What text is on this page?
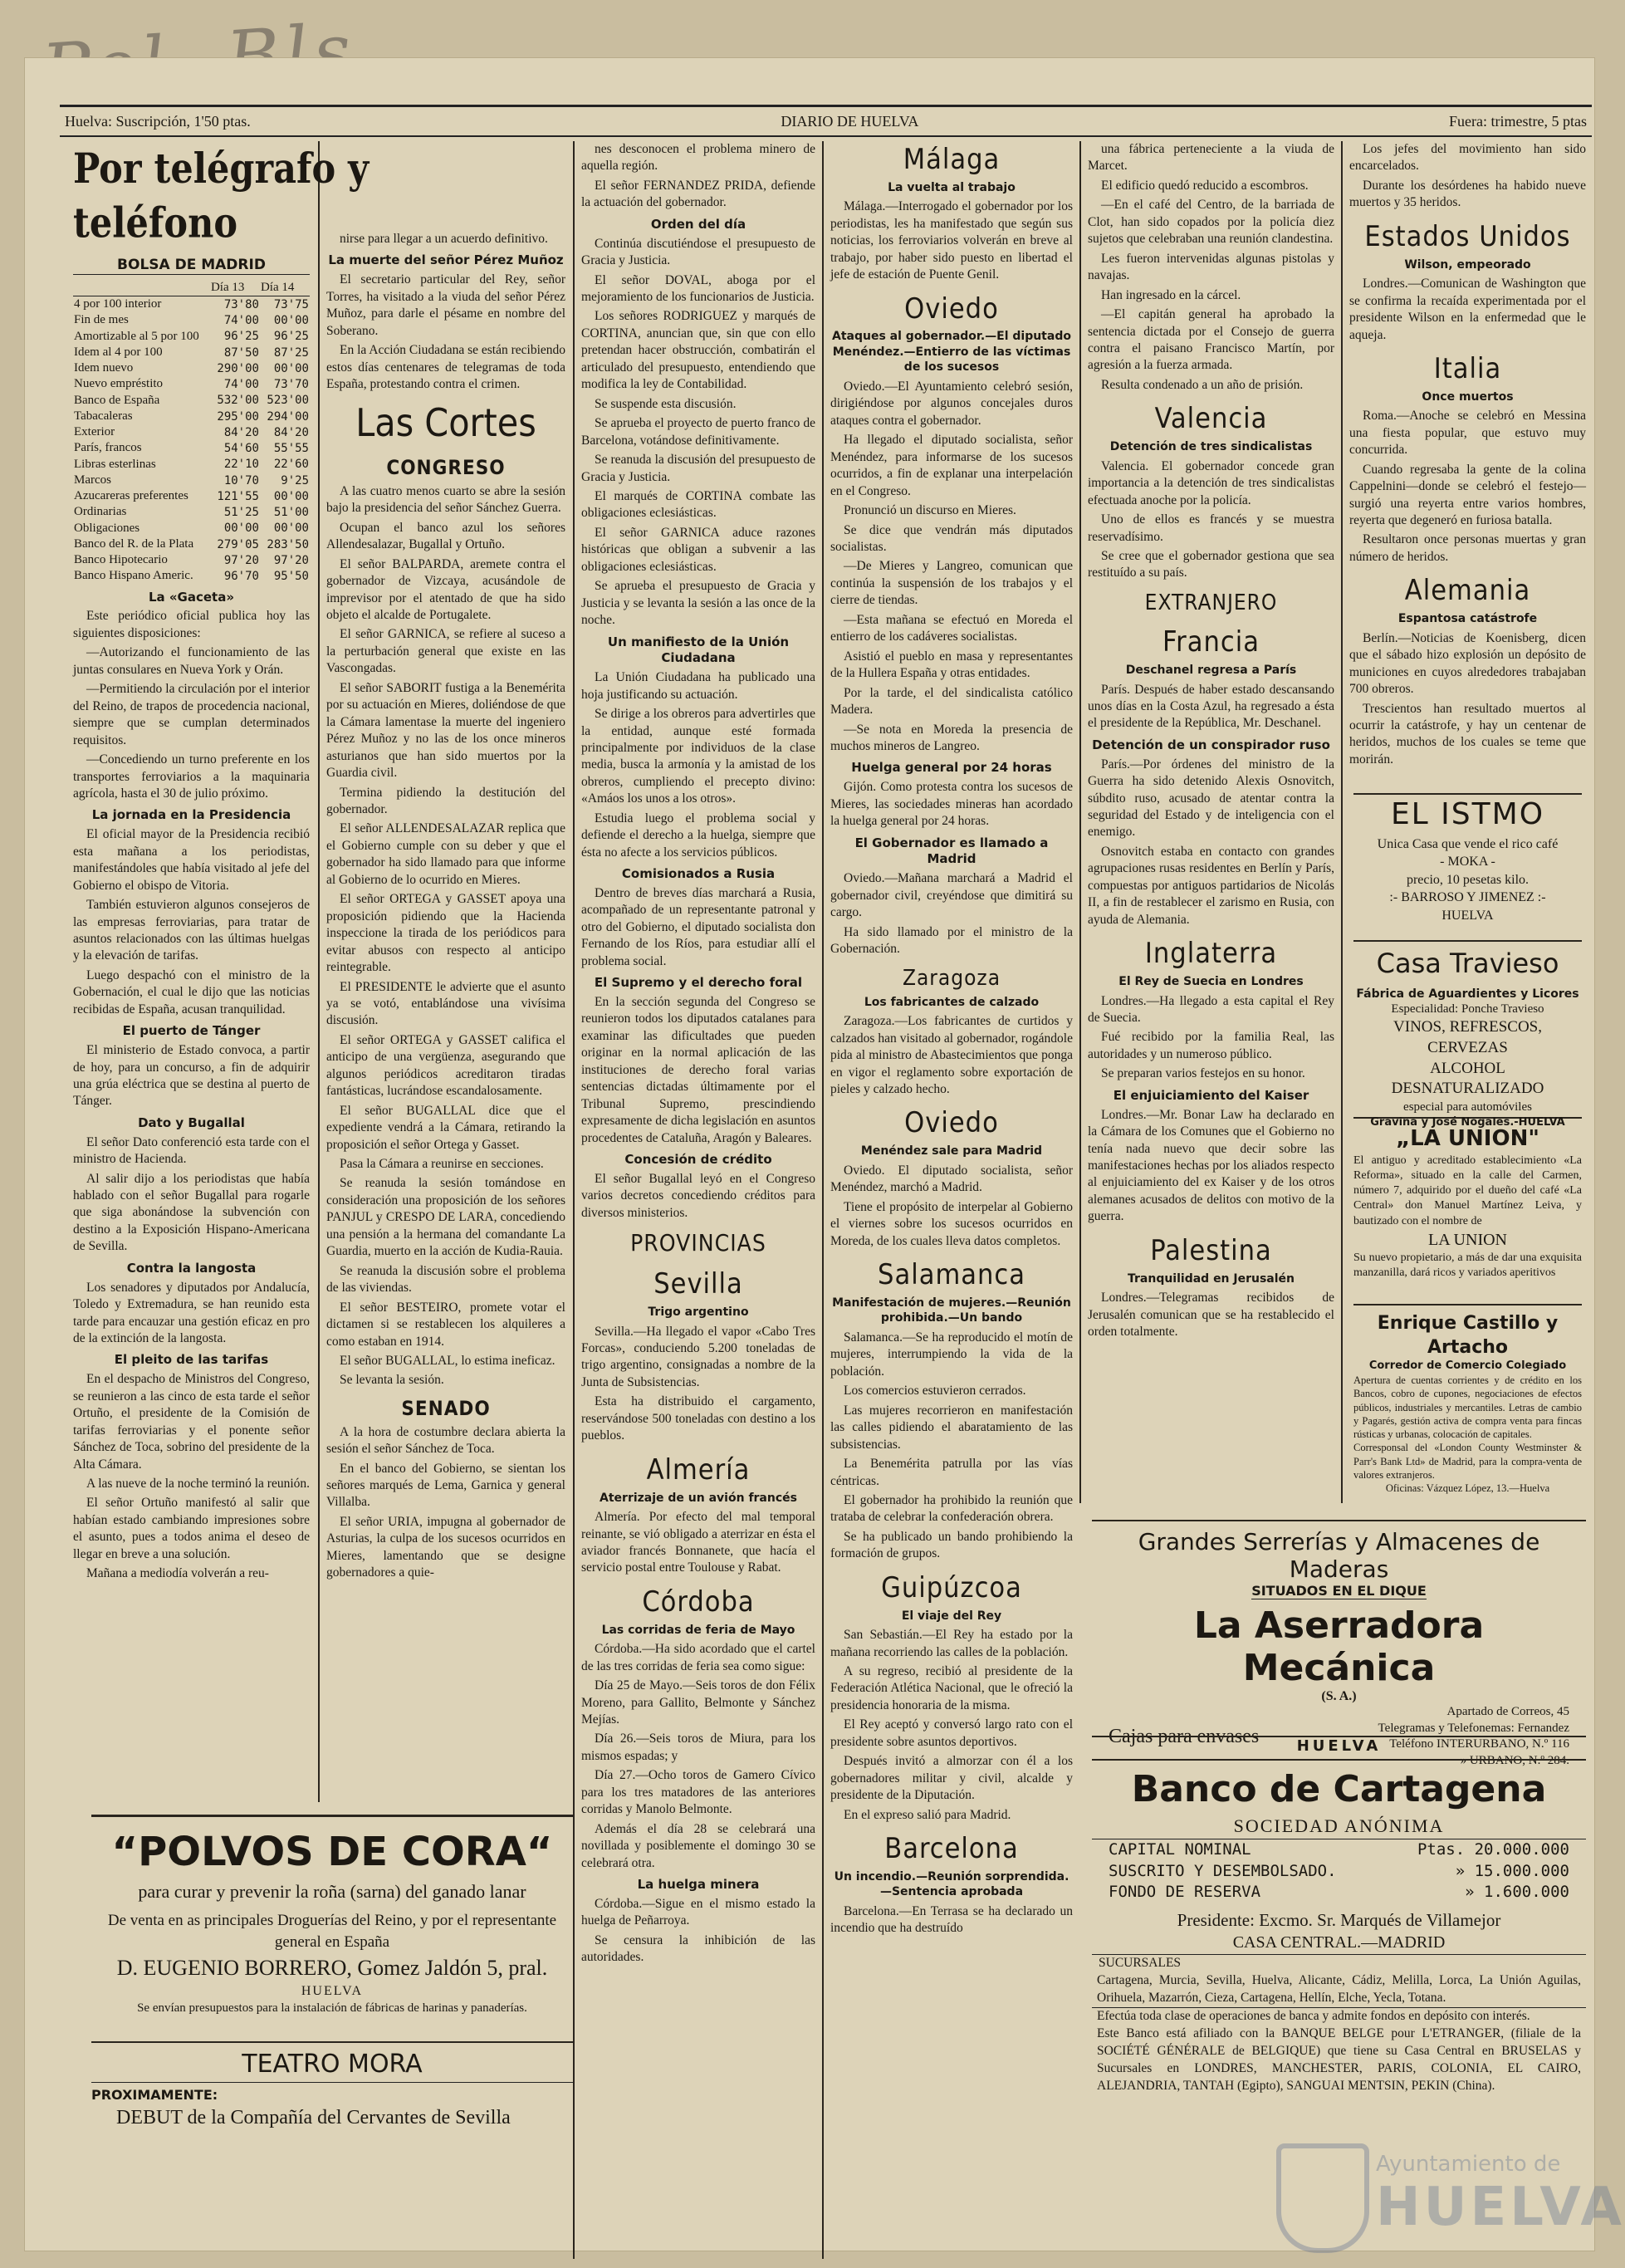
Huelva: Suscripción, 1'50 ptas.	DIARIO DE HUELVA	Fuera: trimestre, 5 ptas
Por telégrafo y teléfono
BOLSA DE MADRID
	Día 13	Día 14
4 por 100 interior	73'80	73'75
Fin de mes	74'00	00'00
Amortizable al 5 por 100	96'25	96'25
Idem al 4 por 100	87'50	87'25
Idem nuevo	290'00	00'00
Nuevo empréstito	74'00	73'70
Banco de España	532'00	523'00
Tabacaleras	295'00	294'00
Exterior	84'20	84'20
París, francos	54'60	55'55
Libras esterlinas	22'10	22'60
Marcos	10'70	9'25
Azucareras preferentes	121'55	00'00
Ordinarias	51'25	51'00
Obligaciones	00'00	00'00
Banco del R. de la Plata	279'05	283'50
Banco Hipotecario	97'20	97'20
Banco Hispano Americ.	96'70	95'50
La «Gaceta»

Este periódico oficial publica hoy las siguientes disposiciones:

—Autorizando el funcionamiento de las juntas consulares en Nueva York y Orán.

—Permitiendo la circulación por el interior del Reino, de trapos de procedencia nacional, siempre que se cumplan determinados requisitos.

—Concediendo un turno preferente en los transportes ferroviarios a la maquinaria agrícola, hasta el 30 de julio próximo.

La jornada en la Presidencia

El oficial mayor de la Presidencia recibió esta mañana a los periodistas, manifestándoles que había visitado al jefe del Gobierno el obispo de Vitoria.

También estuvieron algunos consejeros de las empresas ferroviarias, para tratar de asuntos relacionados con las últimas huelgas y la elevación de tarifas.

Luego despachó con el ministro de la Gobernación, el cual le dijo que las noticias recibidas de España, acusan tranquilidad.

El puerto de Tánger

El ministerio de Estado convoca, a partir de hoy, para un concurso, a fin de adquirir una grúa eléctrica que se destina al puerto de Tánger.

Dato y Bugallal

El señor Dato conferenció esta tarde con el ministro de Hacienda.

Al salir dijo a los periodistas que había hablado con el señor Bugallal para rogarle que siga abonándose la subvención con destino a la Exposición Hispano-Americana de Sevilla.

Contra la langosta

Los senadores y diputados por Andalucía, Toledo y Extremadura, se han reunido esta tarde para encauzar una gestión eficaz en pro de la extinción de la langosta.

El pleito de las tarifas

En el despacho de Ministros del Congreso, se reunieron a las cinco de esta tarde el señor Ortuño, el presidente de la Comisión de tarifas ferroviarias y el ponente señor Sánchez de Toca, sobrino del presidente de la Alta Cámara.

A las nueve de la noche terminó la reunión.

El señor Ortuño manifestó al salir que habían estado cambiando impresiones sobre el asunto, pues a todos anima el deseo de llegar en breve a una solución.

Mañana a mediodía volverán a reu-

nirse para llegar a un acuerdo definitivo.

La muerte del señor Pérez Muñoz

El secretario particular del Rey, señor Torres, ha visitado a la viuda del señor Pérez Muñoz, para darle el pésame en nombre del Soberano.

En la Acción Ciudadana se están recibiendo estos días centenares de telegramas de toda España, protestando contra el crimen.

Las Cortes
CONGRESO

A las cuatro menos cuarto se abre la sesión bajo la presidencia del señor Sánchez Guerra.

Ocupan el banco azul los señores Allendesalazar, Bugallal y Ortuño.

El señor BALPARDA, aremete contra el gobernador de Vizcaya, acusándole de imprevisor por el atentado de que ha sido objeto el alcalde de Portugalete.

El señor GARNICA, se refiere al suceso a la perturbación general que existe en las Vascongadas.

El señor SABORIT fustiga a la Benemérita por su actuación en Mieres, doliéndose de que la Cámara lamentase la muerte del ingeniero Pérez Muñoz y no las de los once mineros asturianos que han sido muertos por la Guardia civil.

Termina pidiendo la destitución del gobernador.

El señor ALLENDESALAZAR replica que el Gobierno cumple con su deber y que el gobernador ha sido llamado para que informe al Gobierno de lo ocurrido en Mieres.

El señor ORTEGA y GASSET apoya una proposición pidiendo que la Hacienda inspeccione la tirada de los periódicos para evitar abusos con respecto al anticipo reintegrable.

El PRESIDENTE le advierte que el asunto ya se votó, entablándose una vivísima discusión.

El señor ORTEGA y GASSET califica el anticipo de una vergüenza, asegurando que algunos periódicos acreditaron tiradas fantásticas, lucrándose escandalosamente.

El señor BUGALLAL dice que el expediente vendrá a la Cámara, retirando la proposición el señor Ortega y Gasset.

Pasa la Cámara a reunirse en secciones.

Se reanuda la sesión tomándose en consideración una proposición de los señores PANJUL y CRESPO DE LARA, concediendo una pensión a la hermana del comandante La Guardia, muerto en la acción de Kudia-Rauia.

Se reanuda la discusión sobre el problema de las viviendas.

El señor BESTEIRO, promete votar el dictamen si se restablecen los alquileres a como estaban en 1914.

El señor BUGALLAL, lo estima ineficaz.

Se levanta la sesión.

SENADO

A la hora de costumbre declara abierta la sesión el señor Sánchez de Toca.

En el banco del Gobierno, se sientan los señores marqués de Lema, Garnica y general Villalba.

El señor URIA, impugna al gobernador de Asturias, la culpa de los sucesos ocurridos en Mieres, lamentando que se designe gobernadores a quie-

nes desconocen el problema minero de aquella región.

El señor FERNANDEZ PRIDA, defiende la actuación del gobernador.

Orden del día

Continúa discutiéndose el presupuesto de Gracia y Justicia.

El señor DOVAL, aboga por el mejoramiento de los funcionarios de Justicia.

Los señores RODRIGUEZ y marqués de CORTINA, anuncian que, sin que con ello pretendan hacer obstrucción, combatirán el articulado del presupuesto, entendiendo que modifica la ley de Contabilidad.

Se suspende esta discusión.

Se aprueba el proyecto de puerto franco de Barcelona, votándose definitivamente.

Se reanuda la discusión del presupuesto de Gracia y Justicia.

El marqués de CORTINA combate las obligaciones eclesiásticas.

El señor GARNICA aduce razones históricas que obligan a subvenir a las obligaciones eclesiásticas.

Se aprueba el presupuesto de Gracia y Justicia y se levanta la sesión a las once de la noche.

Un manifiesto de la Unión Ciudadana

La Unión Ciudadana ha publicado una hoja justificando su actuación.

Se dirige a los obreros para advertirles que la entidad, aunque esté formada principalmente por individuos de la clase media, busca la armonía y la amistad de los obreros, cumpliendo el precepto divino: «Amáos los unos a los otros».

Estudia luego el problema social y defiende el derecho a la huelga, siempre que ésta no afecte a los servicios públicos.

Comisionados a Rusia

Dentro de breves días marchará a Rusia, acompañado de un representante patronal y otro del Gobierno, el diputado socialista don Fernando de los Ríos, para estudiar allí el problema social.

El Supremo y el derecho foral

En la sección segunda del Congreso se reunieron todos los diputados catalanes para examinar las dificultades que pueden originar en la normal aplicación de las instituciones de derecho foral varias sentencias dictadas últimamente por el Tribunal Supremo, prescindiendo expresamente de dicha legislación en asuntos procedentes de Cataluña, Aragón y Baleares.

Concesión de crédito

El señor Bugallal leyó en el Congreso varios decretos concediendo créditos para diversos ministerios.

PROVINCIAS
Sevilla
Trigo argentino

Sevilla.—Ha llegado el vapor «Cabo Tres Forcas», conduciendo 5.200 toneladas de trigo argentino, consignadas a nombre de la Junta de Subsistencias.

Esta ha distribuido el cargamento, reservándose 500 toneladas con destino a los pueblos.

Almería
Aterrizaje de un avión francés

Almería. Por efecto del mal temporal reinante, se vió obligado a aterrizar en ésta el aviador francés Bonnanete, que hacía el servicio postal entre Toulouse y Rabat.

Córdoba
Las corridas de feria de Mayo

Córdoba.—Ha sido acordado que el cartel de las tres corridas de feria sea como sigue:

Día 25 de Mayo.—Seis toros de don Félix Moreno, para Gallito, Belmonte y Sánchez Mejías.

Día 26.—Seis toros de Miura, para los mismos espadas; y

Día 27.—Ocho toros de Gamero Cívico para los tres matadores de las anteriores corridas y Manolo Belmonte.

Además el día 28 se celebrará una novillada y posiblemente el domingo 30 se celebrará otra.

La huelga minera

Córdoba.—Sigue en el mismo estado la huelga de Peñarroya.

Se censura la inhibición de las autoridades.

Málaga
La vuelta al trabajo

Málaga.—Interrogado el gobernador por los periodistas, les ha manifestado que según sus noticias, los ferroviarios volverán en breve al trabajo, por haber sido puesto en libertad el jefe de estación de Puente Genil.

Oviedo
Ataques al gobernador.—El diputado Menéndez.—Entierro de las víctimas de los sucesos

Oviedo.—El Ayuntamiento celebró sesión, dirigiéndose por algunos concejales duros ataques contra el gobernador.

Ha llegado el diputado socialista, señor Menéndez, para informarse de los sucesos ocurridos, a fin de explanar una interpelación en el Congreso.

Pronunció un discurso en Mieres.

Se dice que vendrán más diputados socialistas.

—De Mieres y Langreo, comunican que continúa la suspensión de los trabajos y el cierre de tiendas.

—Esta mañana se efectuó en Moreda el entierro de los cadáveres socialistas.

Asistió el pueblo en masa y representantes de la Hullera España y otras entidades.

Por la tarde, el del sindicalista católico Madera.

—Se nota en Moreda la presencia de muchos mineros de Langreo.

Huelga general por 24 horas

Gijón. Como protesta contra los sucesos de Mieres, las sociedades mineras han acordado la huelga general por 24 horas.

El Gobernador es llamado a Madrid

Oviedo.—Mañana marchará a Madrid el gobernador civil, creyéndose que dimitirá su cargo.

Ha sido llamado por el ministro de la Gobernación.

Zaragoza
Los fabricantes de calzado

Zaragoza.—Los fabricantes de curtidos y calzados han visitado al gobernador, rogándole pida al ministro de Abastecimientos que ponga en vigor el reglamento sobre exportación de pieles y calzado hecho.

Oviedo
Menéndez sale para Madrid

Oviedo. El diputado socialista, señor Menéndez, marchó a Madrid.

Tiene el propósito de interpelar al Gobierno el viernes sobre los sucesos ocurridos en Moreda, de los cuales lleva datos completos.

Salamanca
Manifestación de mujeres.—Reunión prohibida.—Un bando

Salamanca.—Se ha reproducido el motín de mujeres, interrumpiendo la vida de la población.

Los comercios estuvieron cerrados.

Las mujeres recorrieron en manifestación las calles pidiendo el abaratamiento de las subsistencias.

La Benemérita patrulla por las vías céntricas.

El gobernador ha prohibido la reunión que trataba de celebrar la confederación obrera.

Se ha publicado un bando prohibiendo la formación de grupos.

Guipúzcoa
El viaje del Rey

San Sebastián.—El Rey ha estado por la mañana recorriendo las calles de la población.

A su regreso, recibió al presidente de la Federación Atlética Nacional, que le ofreció la presidencia honoraria de la misma.

El Rey aceptó y conversó largo rato con el presidente sobre asuntos deportivos.

Después invitó a almorzar con él a los gobernadores militar y civil, alcalde y presidente de la Diputación.

En el expreso salió para Madrid.

Barcelona
Un incendio.—Reunión sorprendida.—Sentencia aprobada

Barcelona.—En Terrasa se ha declarado un incendio que ha destruído

una fábrica perteneciente a la viuda de Marcet.

El edificio quedó reducido a escombros.

—En el café del Centro, de la barriada de Clot, han sido copados por la policía diez sujetos que celebraban una reunión clandestina.

Les fueron intervenidas algunas pistolas y navajas.

Han ingresado en la cárcel.

—El capitán general ha aprobado la sentencia dictada por el Consejo de guerra contra el paisano Francisco Martín, por agresión a la fuerza armada.

Resulta condenado a un año de prisión.

Valencia
Detención de tres sindicalistas

Valencia. El gobernador concede gran importancia a la detención de tres sindicalistas efectuada anoche por la policía.

Uno de ellos es francés y se muestra reservadísimo.

Se cree que el gobernador gestiona que sea restituído a su país.

EXTRANJERO
Francia
Deschanel regresa a París

París. Después de haber estado descansando unos días en la Costa Azul, ha regresado a ésta el presidente de la República, Mr. Deschanel.

Detención de un conspirador ruso

París.—Por órdenes del ministro de la Guerra ha sido detenido Alexis Osnovitch, súbdito ruso, acusado de atentar contra la seguridad del Estado y de inteligencia con el enemigo.

Osnovitch estaba en contacto con grandes agrupaciones rusas residentes en Berlín y París, compuestas por antiguos partidarios de Nicolás II, a fin de restablecer el zarismo en Rusia, con ayuda de Alemania.

Inglaterra
El Rey de Suecia en Londres

Londres.—Ha llegado a esta capital el Rey de Suecia.

Fué recibido por la familia Real, las autoridades y un numeroso público.

Se preparan varios festejos en su honor.

El enjuiciamiento del Kaiser

Londres.—Mr. Bonar Law ha declarado en la Cámara de los Comunes que el Gobierno no tenía nada nuevo que decir sobre las manifestaciones hechas por los aliados respecto al enjuiciamiento del ex Kaiser y de los otros alemanes acusados de delitos con motivo de la guerra.

Palestina
Tranquilidad en Jerusalén

Londres.—Telegramas recibidos de Jerusalén comunican que se ha restablecido el orden totalmente.

Los jefes del movimiento han sido encarcelados.

Durante los desórdenes ha habido nueve muertos y 35 heridos.

Estados Unidos
Wilson, empeorado

Londres.—Comunican de Washington que se confirma la recaída experimentada por el presidente Wilson en la enfermedad que le aqueja.

Italia
Once muertos

Roma.—Anoche se celebró en Messina una fiesta popular, que estuvo muy concurrida.

Cuando regresaba la gente de la colina Cappelnini—donde se celebró el festejo—surgió una reyerta entre varios hombres, reyerta que degeneró en furiosa batalla.

Resultaron once personas muertas y gran número de heridos.

Alemania
Espantosa catástrofe

Berlín.—Noticias de Koenisberg, dicen que el sábado hizo explosión un depósito de municiones en cuyos alrededores trabajaban 700 obreros.

Trescientos han resultado muertos al ocurrir la catástrofe, y hay un centenar de heridos, muchos de los cuales se teme que morirán.

EL ISTMO
Unica Casa que vende el rico café
- MOKA -
precio, 10 pesetas kilo.
:- BARROSO Y JIMENEZ :-
HUELVA
Casa Travieso
Fábrica de Aguardientes y Licores
Especialidad: Ponche Travieso
VINOS, REFRESCOS, CERVEZAS
ALCOHOL DESNATURALIZADO
especial para automóviles
Gravina y José Nogales.-HUELVA
„LA UNION"
El antiguo y acreditado establecimiento «La Reforma», situado en la calle del Carmen, número 7, adquirido por el dueño del café «La Central» don Manuel Martínez Leiva, y bautizado con el nombre de
LA UNION
Su nuevo propietario, a más de dar una exquisita manzanilla, dará ricos y variados aperitivos
Enrique Castillo y Artacho
Corredor de Comercio Colegiado
Apertura de cuentas corrientes y de crédito en los Bancos, cobro de cupones, negociaciones de efectos públicos, industriales y mercantiles. Letras de cambio y Pagarés, gestión activa de compra venta para fincas rústicas y urbanas, colocación de capitales.
Corresponsal del «London County Westminster & Parr's Bank Ltd» de Madrid, para la compra-venta de valores extranjeros.
Oficinas: Vázquez López, 13.—Huelva
Grandes Serrerías y Almacenes de Maderas
SITUADOS EN EL DIQUE
La Aserradora Mecánica
(S. A.)
Cajas para envases
Apartado de Correos, 45
Telegramas y Telefonemas: Fernandez
Teléfono INTERURBANO, N.º 116
» URBANO, N.º 284.
HUELVA
Banco de Cartagena
SOCIEDAD ANÓNIMA
CAPITAL NOMINAL	Ptas. 20.000.000
SUSCRITO Y DESEMBOLSADO.	» 15.000.000
FONDO DE RESERVA	» 1.600.000
Presidente: Excmo. Sr. Marqués de Villamejor
CASA CENTRAL.—MADRID
SUCURSALES
Cartagena, Murcia, Sevilla, Huelva, Alicante, Cádiz, Melilla, Lorca, La Unión Aguilas, Orihuela, Mazarrón, Cieza, Cartagena, Hellín, Elche, Yecla, Totana.
Efectúa toda clase de operaciones de banca y admite fondos en depósito con interés.
Este Banco está afiliado con la BANQUE BELGE pour L'ETRANGER, (filiale de la SOCIÉTÉ GÉNÉRALE de BELGIQUE) que tiene su Casa Central en BRUSELAS y Sucursales en LONDRES, MANCHESTER, PARIS, COLONIA, EL CAIRO, ALEJANDRIA, TANTAH (Egipto), SANGUAI MENTSIN, PEKIN (China).
“POLVOS DE CORA“
para curar y prevenir la roña (sarna) del ganado lanar
De venta en as principales Droguerías del Reino, y por el representante general en España
D. EUGENIO BORRERO, Gomez Jaldón 5, pral.
HUELVA
Se envían presupuestos para la instalación de fábricas de harinas y panaderías.
TEATRO MORA
PROXIMAMENTE:
DEBUT de la Compañía del Cervantes de Sevilla
Ayuntamiento de
HUELVA
